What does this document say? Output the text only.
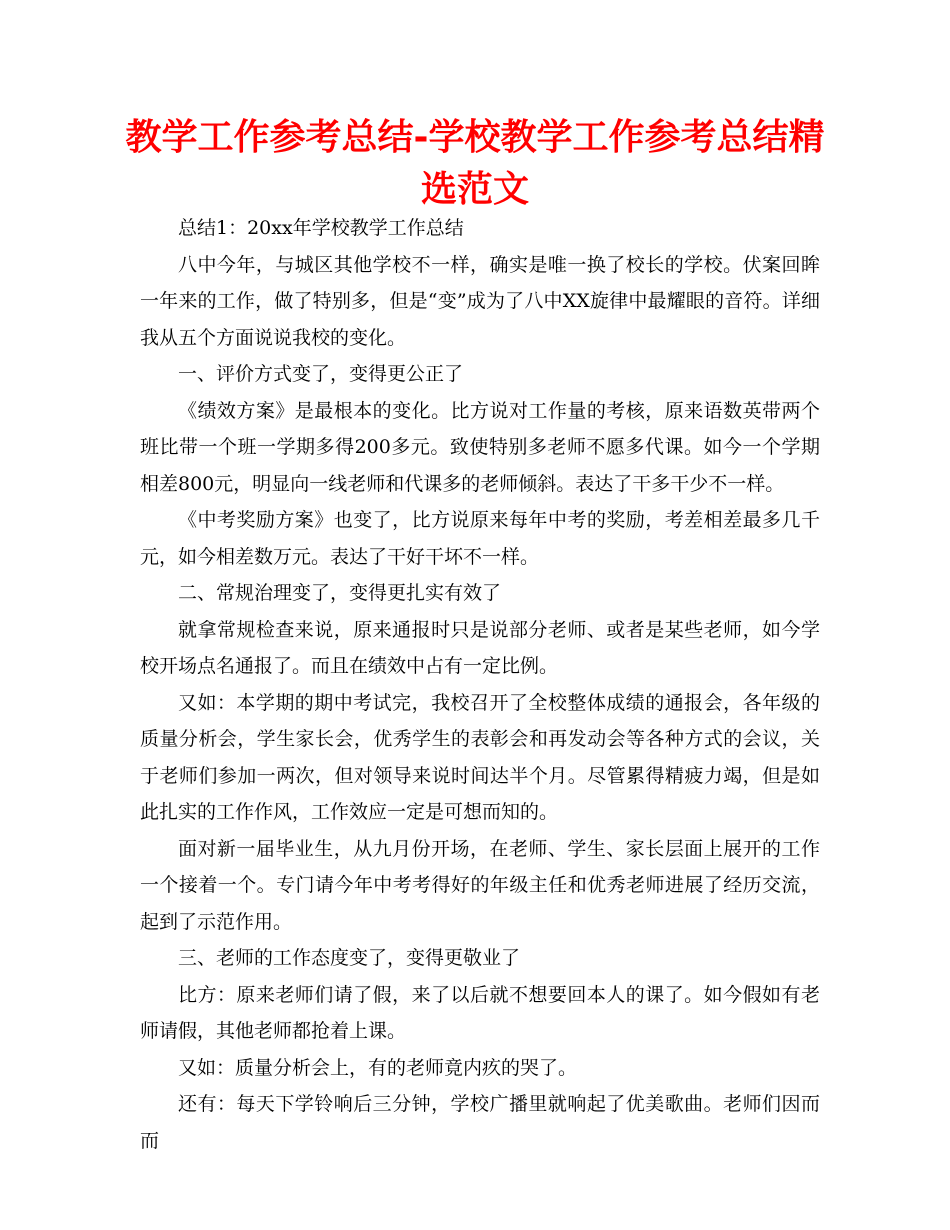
教学工作参考总结-学校教学工作参考总结精选范文

总结1：20xx年学校教学工作总结

八中今年，与城区其他学校不一样，确实是唯一换了校长的学校。伏案回眸一年来的工作，做了特别多，但是“变”成为了八中XX旋律中最耀眼的音符。详细我从五个方面说说我校的变化。

一、评价方式变了，变得更公正了

《绩效方案》是最根本的变化。比方说对工作量的考核，原来语数英带两个班比带一个班一学期多得200多元。致使特别多老师不愿多代课。如今一个学期相差800元，明显向一线老师和代课多的老师倾斜。表达了干多干少不一样。

《中考奖励方案》也变了，比方说原来每年中考的奖励，考差相差最多几千元，如今相差数万元。表达了干好干坏不一样。

二、常规治理变了，变得更扎实有效了

就拿常规检查来说，原来通报时只是说部分老师、或者是某些老师，如今学校开场点名通报了。而且在绩效中占有一定比例。

又如：本学期的期中考试完，我校召开了全校整体成绩的通报会，各年级的质量分析会，学生家长会，优秀学生的表彰会和再发动会等各种方式的会议，关于老师们参加一两次，但对领导来说时间达半个月。尽管累得精疲力竭，但是如此扎实的工作作风，工作效应一定是可想而知的。

面对新一届毕业生，从九月份开场，在老师、学生、家长层面上展开的工作一个接着一个。专门请今年中考考得好的年级主任和优秀老师进展了经历交流，起到了示范作用。

三、老师的工作态度变了，变得更敬业了

比方：原来老师们请了假，来了以后就不想要回本人的课了。如今假如有老师请假，其他老师都抢着上课。

又如：质量分析会上，有的老师竟内疚的哭了。

还有：每天下学铃响后三分钟，学校广播里就响起了优美歌曲。老师们因而而
